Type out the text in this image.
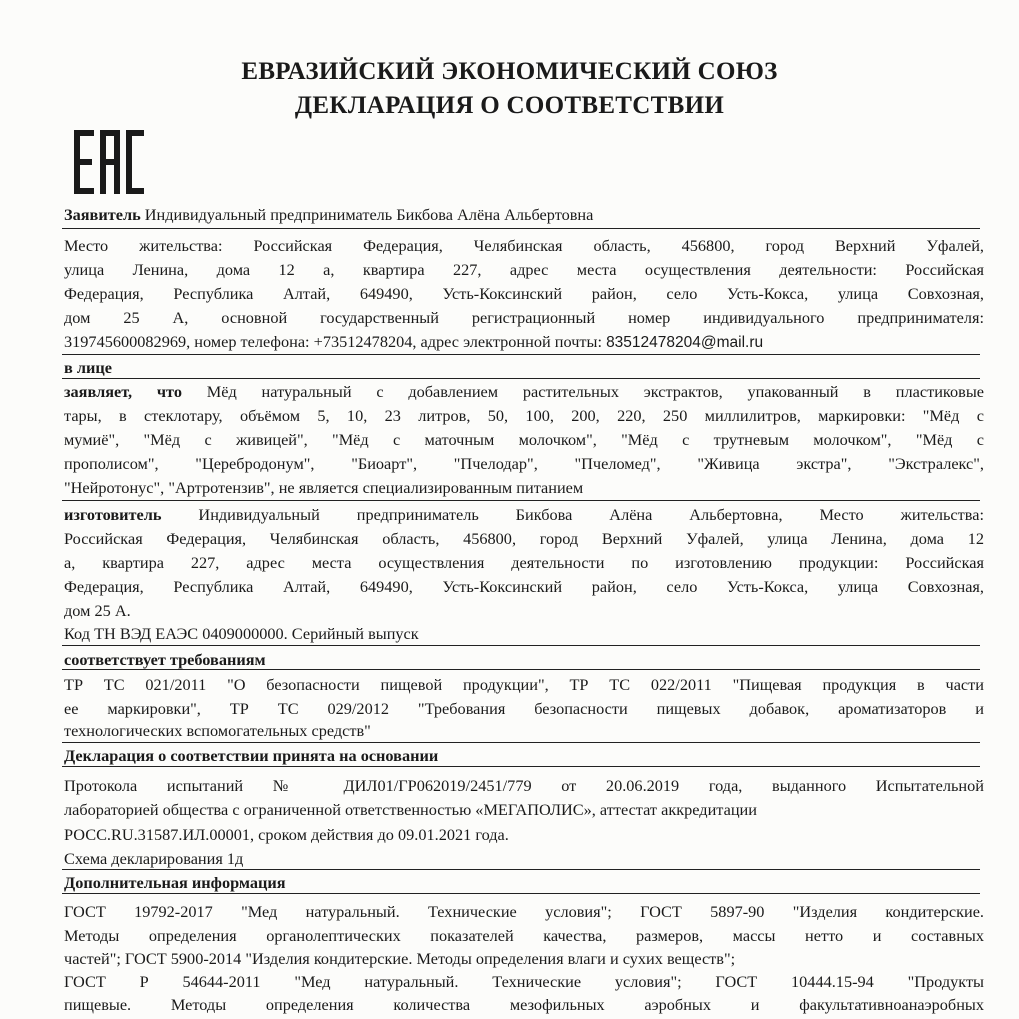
ЕВРАЗИЙСКИЙ ЭКОНОМИЧЕСКИЙ СОЮЗ
ДЕКЛАРАЦИЯ О СООТВЕТСТВИИ
Заявитель Индивидуальный предприниматель Бикбова Алёна Альбертовна
Место жительства: Российская Федерация, Челябинская область, 456800, город Верхний Уфалей,
улица Ленина, дома 12 а, квартира 227, адрес места осуществления деятельности: Российская
Федерация, Республика Алтай, 649490, Усть-Коксинский район, село Усть-Кокса, улица Совхозная,
дом 25 А, основной государственный регистрационный номер индивидуального предпринимателя:
319745600082969, номер телефона: +73512478204, адрес электронной почты: 83512478204@mail.ru
в лице
заявляет, что Мёд натуральный с добавлением растительных экстрактов, упакованный в пластиковые
тары, в стеклотару, объёмом 5, 10, 23 литров, 50, 100, 200, 220, 250 миллилитров, маркировки: "Мёд с
мумиё", "Мёд с живицей", "Мёд с маточным молочком", "Мёд с трутневым молочком", "Мёд с
прополисом", "Церебродонум", "Биоарт", "Пчелодар", "Пчеломед", "Живица экстра", "Экстралекс",
"Нейротонус", "Артротензив", не является специализированным питанием
изготовитель Индивидуальный предприниматель Бикбова Алёна Альбертовна, Место жительства:
Российская Федерация, Челябинская область, 456800, город Верхний Уфалей, улица Ленина, дома 12
а, квартира 227, адрес места осуществления деятельности по изготовлению продукции: Российская
Федерация, Республика Алтай, 649490, Усть-Коксинский район, село Усть-Кокса, улица Совхозная,
дом 25 А.
Код ТН ВЭД ЕАЭС 0409000000. Серийный выпуск
соответствует требованиям
ТР ТС 021/2011 "О безопасности пищевой продукции", ТР ТС 022/2011 "Пищевая продукция в части
ее маркировки", ТР ТС 029/2012 "Требования безопасности пищевых добавок, ароматизаторов и
технологических вспомогательных средств"
Декларация о соответствии принята на основании
Протокола испытаний № ДИЛ01/ГР062019/2451/779 от 20.06.2019 года, выданного Испытательной
лабораторией общества с ограниченной ответственностью «МЕГАПОЛИС», аттестат аккредитации
РОСС.RU.31587.ИЛ.00001, сроком действия до 09.01.2021 года.
Схема декларирования 1д
Дополнительная информация
ГОСТ 19792-2017 "Мед натуральный. Технические условия"; ГОСТ 5897-90 "Изделия кондитерские.
Методы определения органолептических показателей качества, размеров, массы нетто и составных
частей"; ГОСТ 5900-2014 "Изделия кондитерские. Методы определения влаги и сухих веществ";
ГОСТ Р 54644-2011 "Мед натуральный. Технические условия"; ГОСТ 10444.15-94 "Продукты
пищевые. Методы определения количества мезофильных аэробных и факультативноанаэробных
